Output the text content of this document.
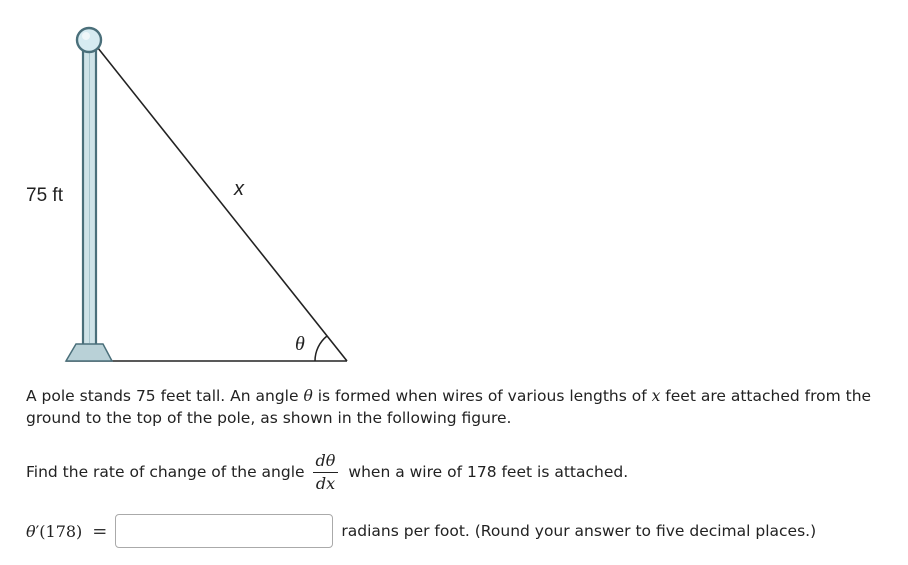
75 ft	x
θ
A pole stands 75 feet tall. An angle θ is formed when wires of various lengths of x feet are attached from the ground to the top of the pole, as shown in the following figure.
Find the rate of change of the angle $\frac{d\theta}{dx}$ when a wire of 178 feet is attached.
θ′(178) =	radians per foot. (Round your answer to five decimal places.)
